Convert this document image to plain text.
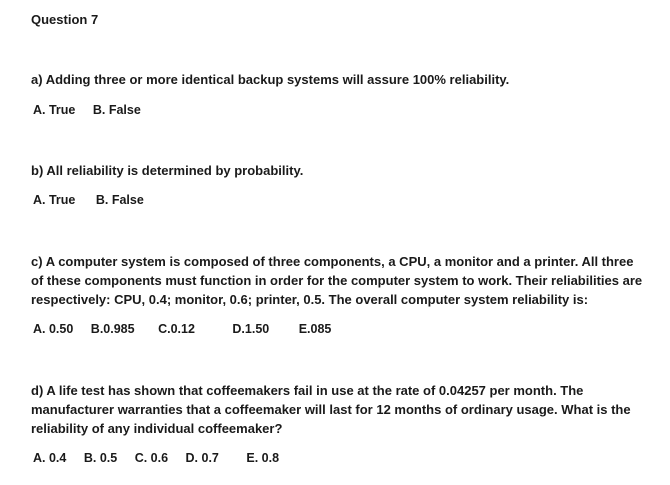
Question 7
a) Adding three or more identical backup systems will assure 100% reliability.
A. True B. False
b) All reliability is determined by probability.
A. True B. False
c) A computer system is composed of three components, a CPU, a monitor and a printer. All three of these components must function in order for the computer system to work. Their reliabilities are respectively: CPU, 0.4; monitor, 0.6; printer, 0.5. The overall computer system reliability is:
A. 0.50 B.0.985 C.0.12	D.1.50 E.085
d) A life test has shown that coffeemakers fail in use at the rate of 0.04257 per month. The manufacturer warranties that a coffeemaker will last for 12 months of ordinary usage. What is the reliability of any individual coffeemaker?
A. 0.4 B. 0.5 C. 0.6 D. 0.7 E. 0.8
